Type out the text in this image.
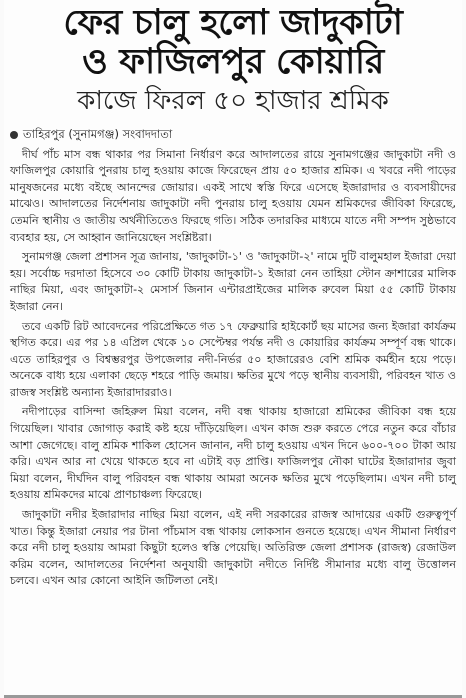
ফের চালু হলো জাদুকাটা
ও ফাজিলপুর কোয়ারি
কাজে ফিরল ৫০ হাজার শ্রমিক
তাহিরপুর (সুনামগঞ্জ) সংবাদদাতা

দীর্ঘ পাঁচ মাস বন্ধ থাকার পর সিমানা নির্ধারণ করে আদালতের রায়ে সুনামগঞ্জের জাদুকাটা নদী ও ফাজিলপুর কোয়ারি পুনরায় চালু হওয়ায় কাজে ফিরেছেন প্রায় ৫০ হাজার শ্রমিক। এ খবরে নদী পাড়ের মানুষজনের মধ্যে বইছে আনন্দের জোয়ার। একই সাথে স্বস্তি ফিরে এসেছে ইজারাদার ও ব্যবসায়ীদের মাঝেও। আদালতের নির্দেশনায় জাদুকাটা নদী পুনরায় চালু হওয়ায় যেমন শ্রমিকদের জীবিকা ফিরেছে, তেমনি স্থানীয় ও জাতীয় অর্থনীতিতেও ফিরছে গতি। সঠিক তদারকির মাধ্যমে যাতে নদী সম্পদ সুষ্ঠভাবে ব্যবহার হয়, সে আহ্বান জানিয়েছেন সংশ্লিষ্টরা।

সুনামগঞ্জ জেলা প্রশাসন সূত্র জানায়, 'জাদুকাটা-১' ও 'জাদুকাটা-২' নামে দুটি বালুমহাল ইজারা দেয়া হয়। সর্বোচ্চ দরদাতা হিসেবে ৩০ কোটি টাকায় জাদুকাটা-১ ইজারা নেন তাহিয়া স্টোন ক্রাশারের মালিক নাছির মিয়া, এবং জাদুকাটা-২ মেসার্স জিনান এন্টারপ্রাইজের মালিক রুবেল মিয়া ৫৫ কোটি টাকায় ইজারা নেন।

তবে একটি রিট আবেদনের পরিপ্রেক্ষিতে গত ১৭ ফেব্রুয়ারি হাইকোর্ট ছয় মাসের জন্য ইজারা কার্যক্রম স্থগিত করে। এর পর ১৪ এপ্রিল থেকে ১০ সেপ্টেম্বর পর্যন্ত নদী ও কোয়ারির কার্যক্রম সম্পূর্ণ বন্ধ থাকে। এতে তাহিরপুর ও বিশ্বম্ভরপুর উপজেলার নদী-নির্ভর ৫০ হাজারেরও বেশি শ্রমিক কর্মহীন হয়ে পড়ে। অনেকে বাধ্য হয়ে এলাকা ছেড়ে শহরে পাড়ি জমায়। ক্ষতির মুখে পড়ে স্থানীয় ব্যবসায়ী, পরিবহন খাত ও রাজস্ব সংশ্লিষ্ট অন্যান্য ইজারাদাররাও।

নদীপাড়ের বাসিন্দা জহিরুল মিয়া বলেন, নদী বন্ধ থাকায় হাজারো শ্রমিকের জীবিকা বন্ধ হয়ে গিয়েছিল। খাবার জোগাড় করাই কষ্ট হয়ে দাঁড়িয়েছিল। এখন কাজ শুরু করতে পেরে নতুন করে বাঁচার আশা জেগেছে। বালু শ্রমিক শাকিল হোসেন জানান, নদী চালু হওয়ায় এখন দিনে ৬০০-৭০০ টাকা আয় করি। এখন আর না খেয়ে থাকতে হবে না এটাই বড় প্রাপ্তি। ফাজিলপুর নৌকা ঘাটের ইজারাদার জুবা মিয়া বলেন, দীর্ঘদিন বালু পরিবহন বন্ধ থাকায় আমরা অনেক ক্ষতির মুখে পড়েছিলাম। এখন নদী চালু হওয়ায় শ্রমিকদের মাঝে প্রাণচাঞ্চল্য ফিরেছে।

জাদুকাটা নদীর ইজারাদার নাছির মিয়া বলেন, এই নদী সরকারের রাজস্ব আদায়ের একটি গুরুত্বপূর্ণ খাত। কিন্তু ইজারা নেয়ার পর টানা পাঁচমাস বন্ধ থাকায় লোকসান গুনতে হয়েছে। এখন সীমানা নির্ধারণ করে নদী চালু হওয়ায় আমরা কিছুটা হলেও স্বস্তি পেয়েছি। অতিরিক্ত জেলা প্রশাসক (রাজস্ব) রেজাউল করিম বলেন, আদালতের নির্দেশনা অনুযায়ী জাদুকাটা নদীতে নির্দিষ্ট সীমানার মধ্যে বালু উত্তোলন চলবে। এখন আর কোনো আইনি জটিলতা নেই।
